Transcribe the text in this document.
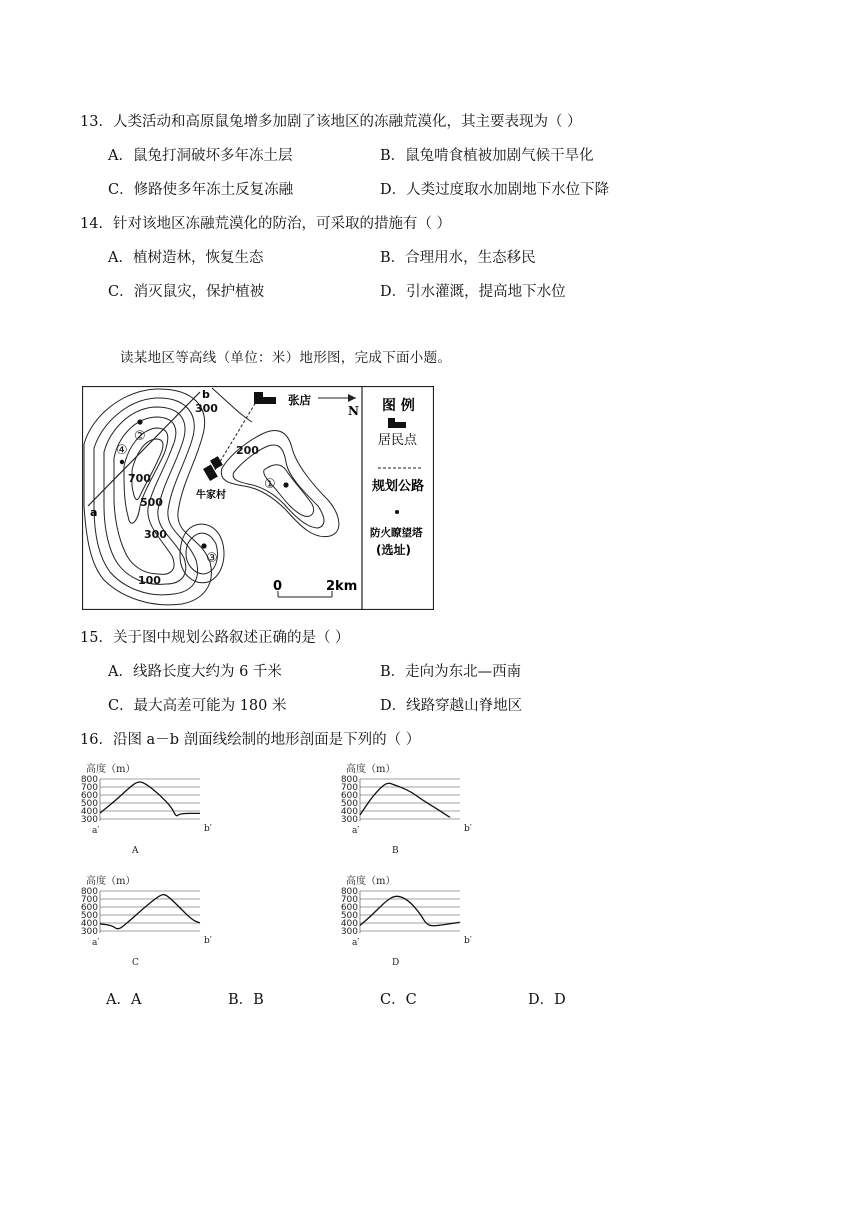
13．人类活动和高原鼠兔增多加剧了该地区的冻融荒漠化，其主要表现为（ ）
A．鼠兔打洞破坏多年冻土层	B．鼠兔啃食植被加剧气候干旱化
C．修路使多年冻土反复冻融	D．人类过度取水加剧地下水位下降
14．针对该地区冻融荒漠化的防治，可采取的措施有（ ）
A．植树造林，恢复生态	B．合理用水，生态移民
C．消灭鼠灾，保护植被	D．引水灌溉，提高地下水位
读某地区等高线（单位：米）地形图，完成下面小题。
a
b	张店
牛家村
N
300
200
700
500
300
100
②
④
①
③
0	2km
图 例
居民点
规划公路
防火瞭望塔
(选址)
15．关于图中规划公路叙述正确的是（ ）
A．线路长度大约为 6 千米	B．走向为东北—西南
C．最大高差可能为 180 米	D．线路穿越山脊地区
16．沿图 a－b 剖面线绘制的地形剖面是下列的（ ）
高度（m）
800
700
600
500
400
300
a′	b′
A
高度（m）
800
700
600
500
400
300
a′	b′
B
高度（m）
800
700
600
500
400
300
a′	b′
C
高度（m）
800
700
600
500
400
300
a′	b′
D
A．A	B．B	C．C	D．D
